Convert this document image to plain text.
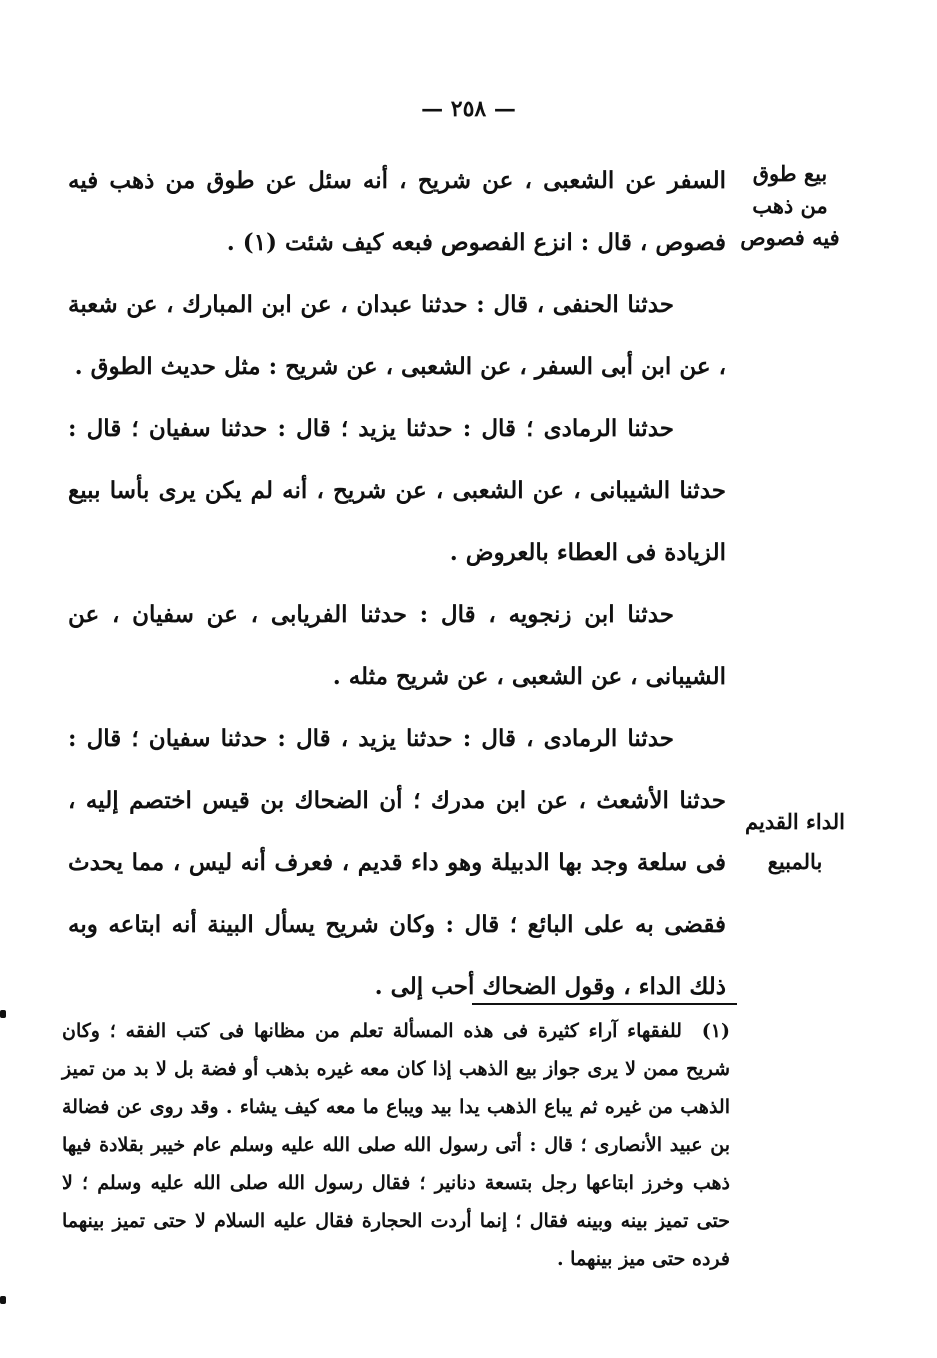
— ٢٥٨ —
بيع طوق
من ذهب
فيه فصوص
الداء القديم
بالمبيع

السفر عن الشعبى ، عن شريح ، أنه سئل عن طوق من ذهب فيه فصوص ، قال : انزع الفصوص فبعه كيف شئت (١) .

حدثنا الحنفى ، قال : حدثنا عبدان ، عن ابن المبارك ، عن شعبة ، عن ابن أبى السفر ، عن الشعبى ، عن شريح : مثل حديث الطوق .

حدثنا الرمادى ؛ قال : حدثنا يزيد ؛ قال : حدثنا سفيان ؛ قال : حدثنا الشيبانى ، عن الشعبى ، عن شريح ، أنه لم يكن يرى بأسا ببيع الزيادة فى العطاء بالعروض .

حدثنا ابن زنجويه ، قال : حدثنا الفريابى ، عن سفيان ، عن الشيبانى ، عن الشعبى ، عن شريح مثله .

حدثنا الرمادى ، قال : حدثنا يزيد ، قال : حدثنا سفيان ؛ قال : حدثنا الأشعث ، عن ابن مدرك ؛ أن الضحاك بن قيس اختصم إليه ، فى سلعة وجد بها الدبيلة وهو داء قديم ، فعرف أنه ليس ، مما يحدث فقضى به على البائع ؛ قال : وكان شريح يسأل البينة أنه ابتاعه وبه ذلك الداء ، وقول الضحاك أحب إلى .

(١) للفقهاء آراء كثيرة فى هذه المسألة تعلم من مظانها فى كتب الفقه ؛ وكان شريح ممن لا يرى جواز بيع الذهب إذا كان معه غيره بذهب أو فضة بل لا بد من تميز الذهب من غيره ثم يباع الذهب يدا بيد ويباع ما معه كيف يشاء . وقد روى عن فضالة بن عبيد الأنصارى ؛ قال : أتى رسول الله صلى الله عليه وسلم عام خيبر بقلادة فيها ذهب وخرز ابتاعها رجل بتسعة دنانير ؛ فقال رسول الله صلى الله عليه وسلم ؛ لا حتى تميز بينه وبينه فقال ؛ إنما أردت الحجارة فقال عليه السلام لا حتى تميز بينهما فرده حتى ميز بينهما .
